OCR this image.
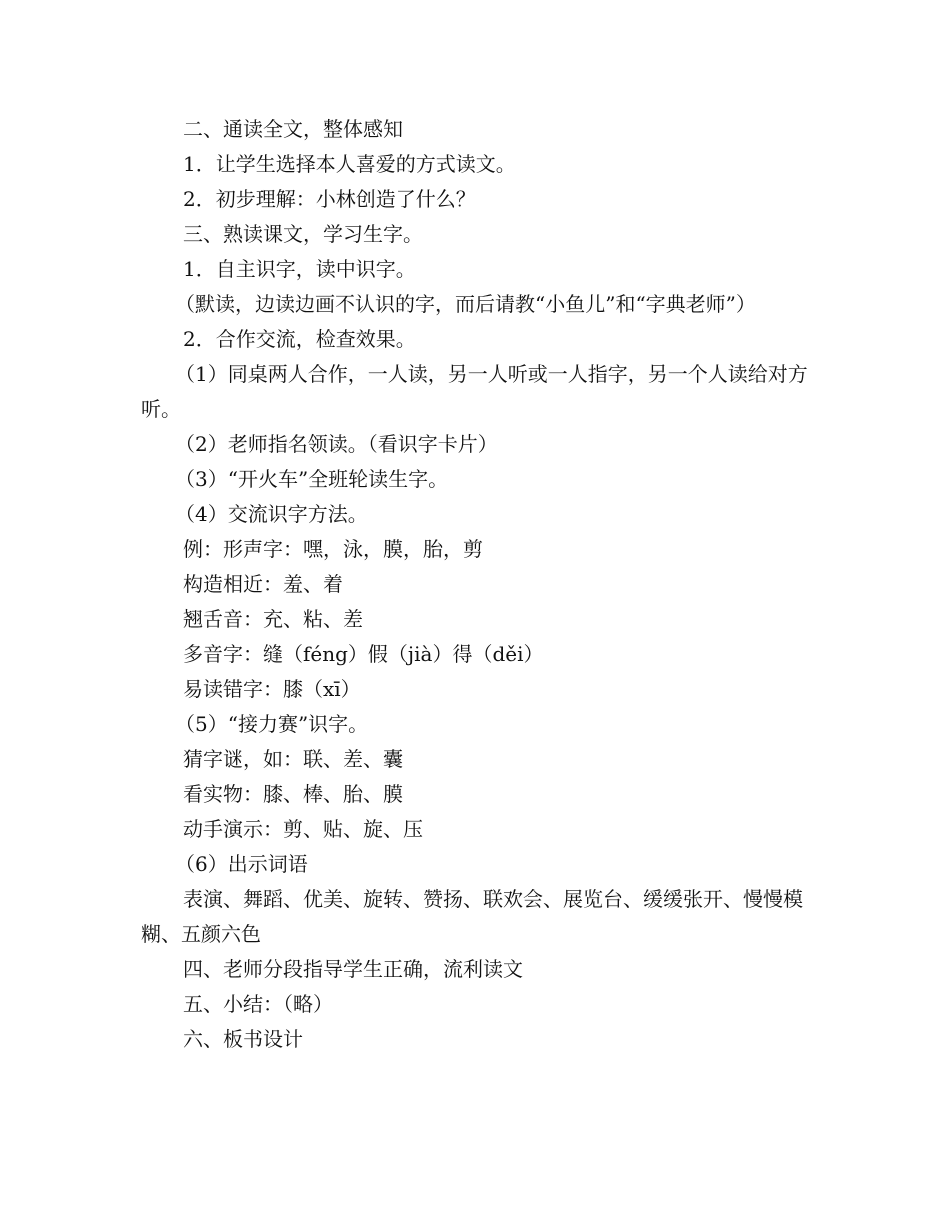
二、通读全文，整体感知

1．让学生选择本人喜爱的方式读文。

2．初步理解：小林创造了什么？

三、熟读课文，学习生字。

1．自主识字，读中识字。

（默读，边读边画不认识的字，而后请教“小鱼儿”和“字典老师”）

2．合作交流，检查效果。

（1）同桌两人合作，一人读，另一人听或一人指字，另一个人读给对方听。

（2）老师指名领读。（看识字卡片）

（3）“开火车”全班轮读生字。

（4）交流识字方法。

例：形声字：嘿，泳，膜，胎，剪

构造相近：羞、着

翘舌音：充、粘、差

多音字：缝（féng）假（jià）得（děi）

易读错字：膝（xī）

（5）“接力赛”识字。

猜字谜，如：联、差、囊

看实物：膝、棒、胎、膜

动手演示：剪、贴、旋、压

（6）出示词语

表演、舞蹈、优美、旋转、赞扬、联欢会、展览台、缓缓张开、慢慢模糊、五颜六色

四、老师分段指导学生正确，流利读文

五、小结：（略）

六、板书设计
